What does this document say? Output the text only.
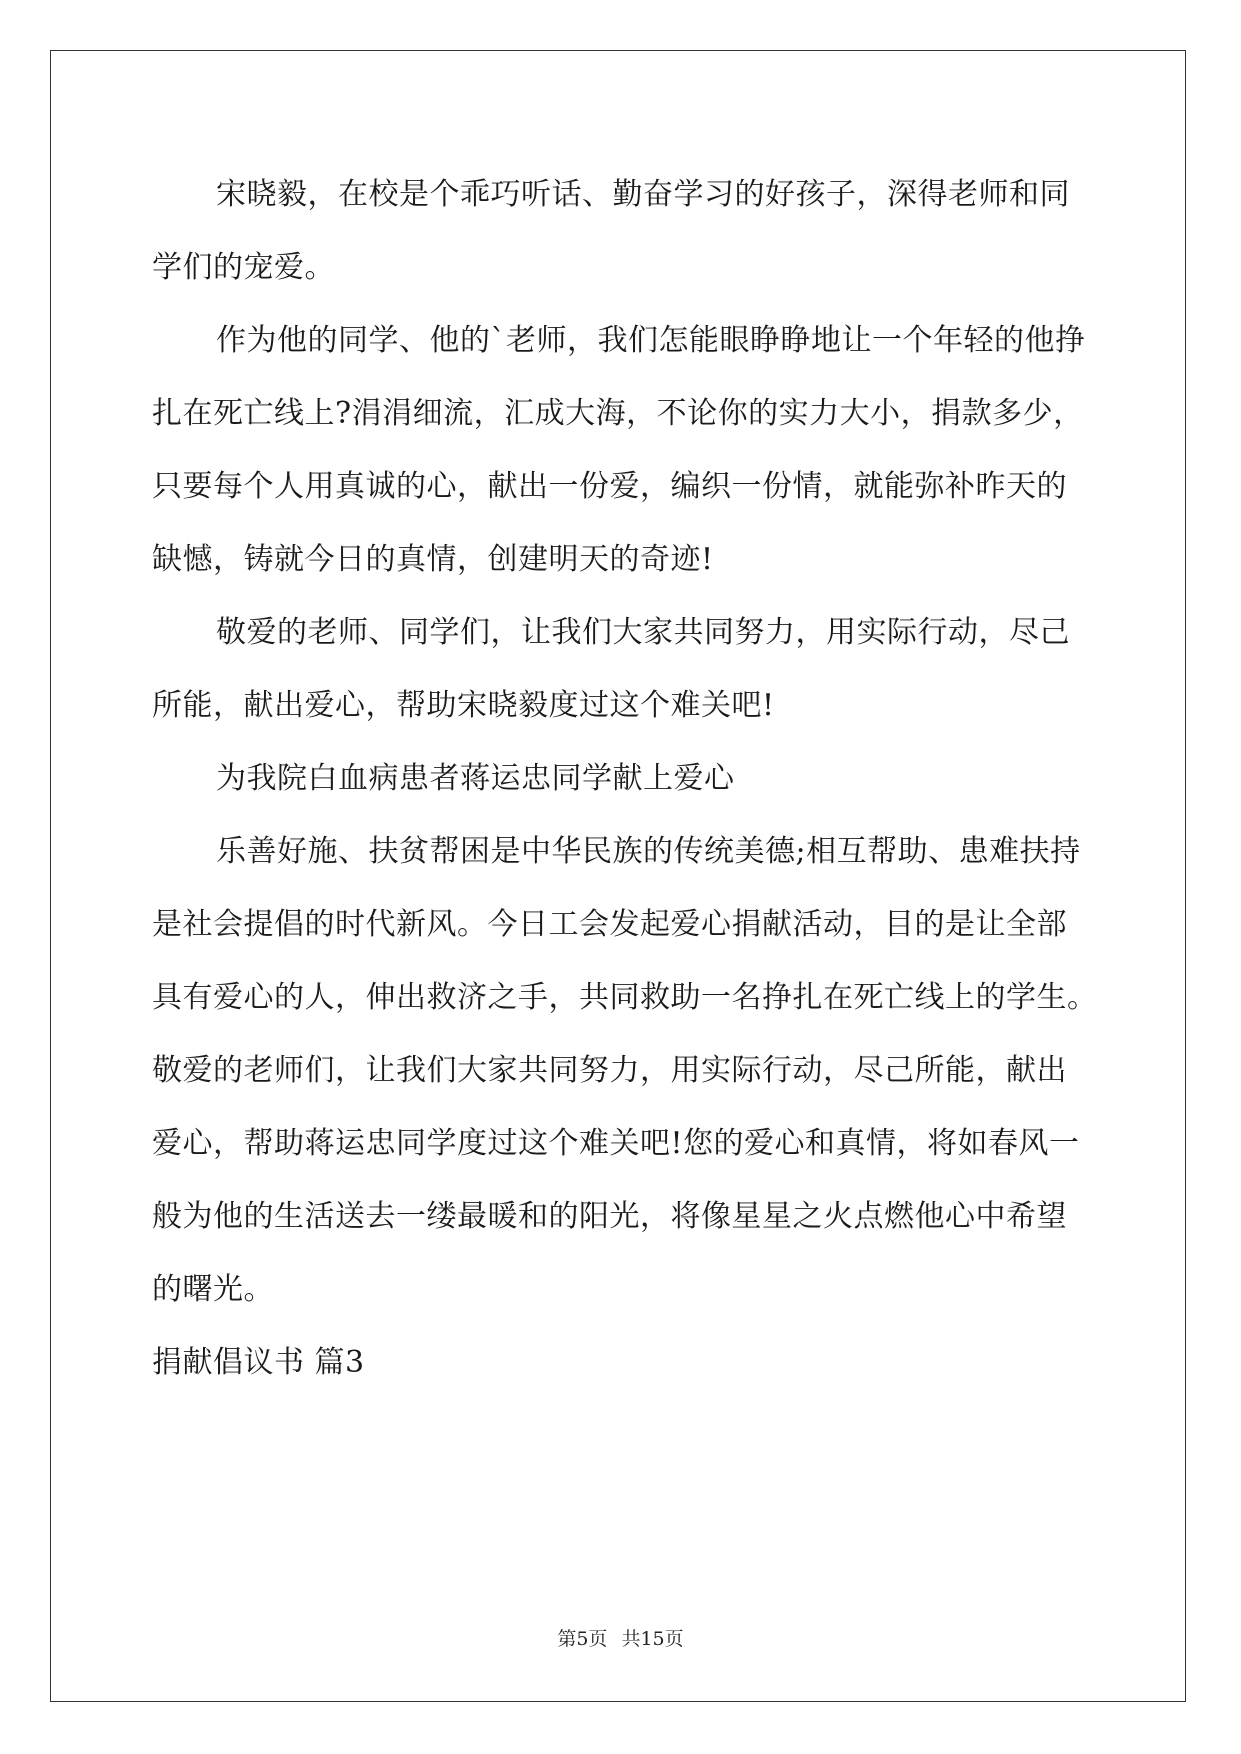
宋晓毅，在校是个乖巧听话、勤奋学习的好孩子，深得老师和同
学们的宠爱。
作为他的同学、他的`老师，我们怎能眼睁睁地让一个年轻的他挣
扎在死亡线上?涓涓细流，汇成大海，不论你的实力大小，捐款多少，
只要每个人用真诚的心，献出一份爱，编织一份情，就能弥补昨天的
缺憾，铸就今日的真情，创建明天的奇迹!
敬爱的老师、同学们，让我们大家共同努力，用实际行动，尽己
所能，献出爱心，帮助宋晓毅度过这个难关吧!
为我院白血病患者蒋运忠同学献上爱心
乐善好施、扶贫帮困是中华民族的传统美德;相互帮助、患难扶持
是社会提倡的时代新风。今日工会发起爱心捐献活动，目的是让全部
具有爱心的人，伸出救济之手，共同救助一名挣扎在死亡线上的学生。
敬爱的老师们，让我们大家共同努力，用实际行动，尽己所能，献出
爱心，帮助蒋运忠同学度过这个难关吧!您的爱心和真情，将如春风一
般为他的生活送去一缕最暖和的阳光，将像星星之火点燃他心中希望
的曙光。
捐献倡议书 篇3
第5页 共15页
